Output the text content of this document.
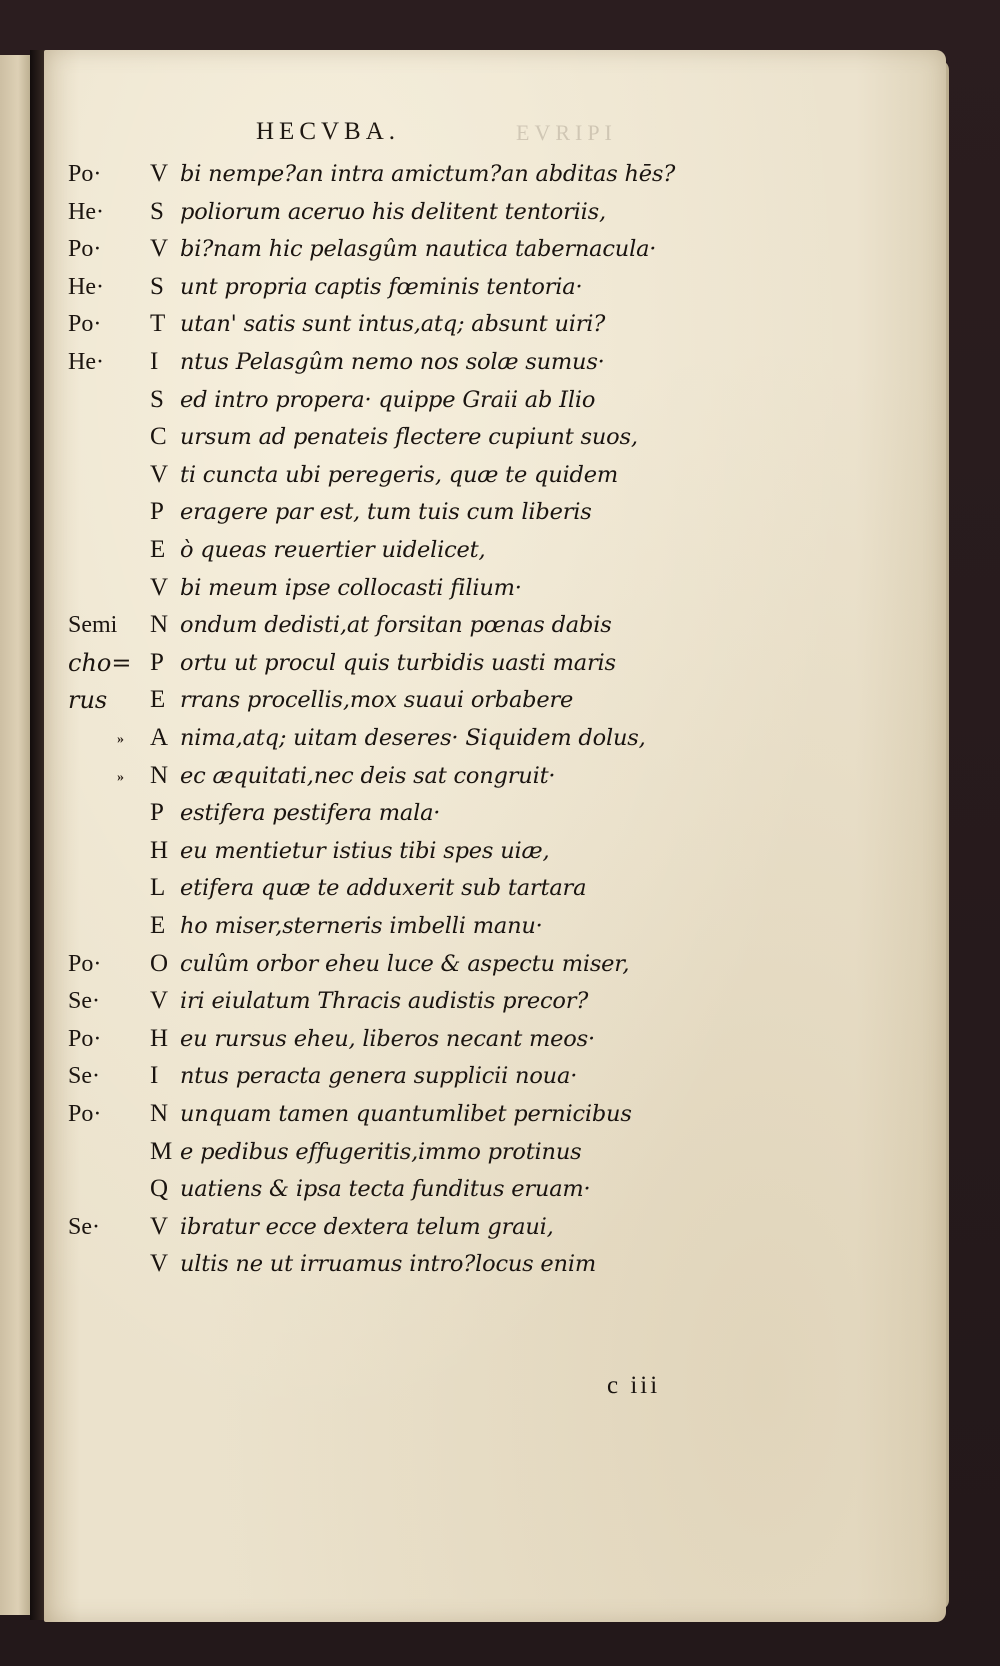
EVRIPI
HECVBA.
Po· V bi nempe?an intra amictum?an abditas hēs?
He· S poliorum aceruo his delitent tentoriis,
Po· V bi?nam hic pelasgûm nautica tabernacula·
He· S unt propria captis fœminis tentoria·
Po· T utan' satis sunt intus,atq; absunt uiri?
He· I ntus Pelasgûm nemo nos solæ sumus·
S ed intro propera· quippe Graii ab Ilio
C ursum ad penateis flectere cupiunt suos,
V ti cuncta ubi peregeris, quæ te quidem
P eragere par est, tum tuis cum liberis
E ò queas reuertier uidelicet,
V bi meum ipse collocasti filium·
Semi N ondum dedisti,at forsitan pœnas dabis
cho= P ortu ut procul quis turbidis uasti maris
rus E rrans procellis,mox suaui orbabere
» A nima,atq; uitam deseres· Siquidem dolus,
» N ec æquitati,nec deis sat congruit·
P estifera pestifera mala·
H eu mentietur istius tibi spes uiæ,
L etifera quæ te adduxerit sub tartara
E ho miser,sterneris imbelli manu·
Po· O culûm orbor eheu luce & aspectu miser,
Se· V iri eiulatum Thracis audistis precor?
Po· H eu rursus eheu, liberos necant meos·
Se· I ntus peracta genera supplicii noua·
Po· N unquam tamen quantumlibet pernicibus
M e pedibus effugeritis,immo protinus
Q uatiens & ipsa tecta funditus eruam·
Se· V ibratur ecce dextera telum graui,
V ultis ne ut irruamus intro?locus enim
c iii
